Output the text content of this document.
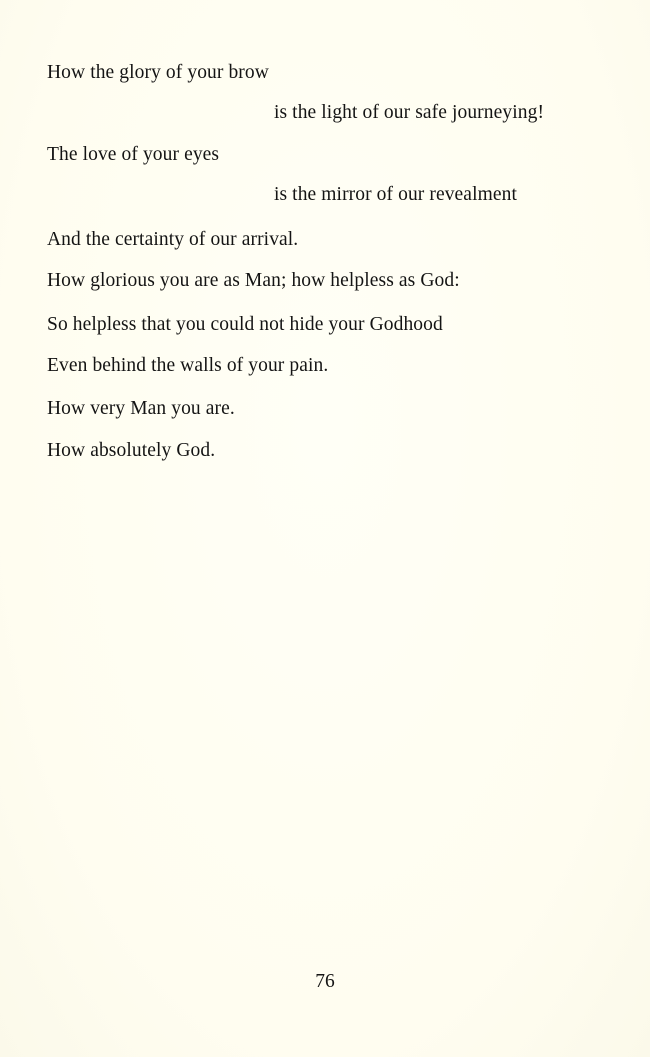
How the glory of your brow
is the light of our safe journeying!
The love of your eyes
is the mirror of our revealment
And the certainty of our arrival.
How glorious you are as Man; how helpless as God:
So helpless that you could not hide your Godhood
Even behind the walls of your pain.
How very Man you are.
How absolutely God.
76
